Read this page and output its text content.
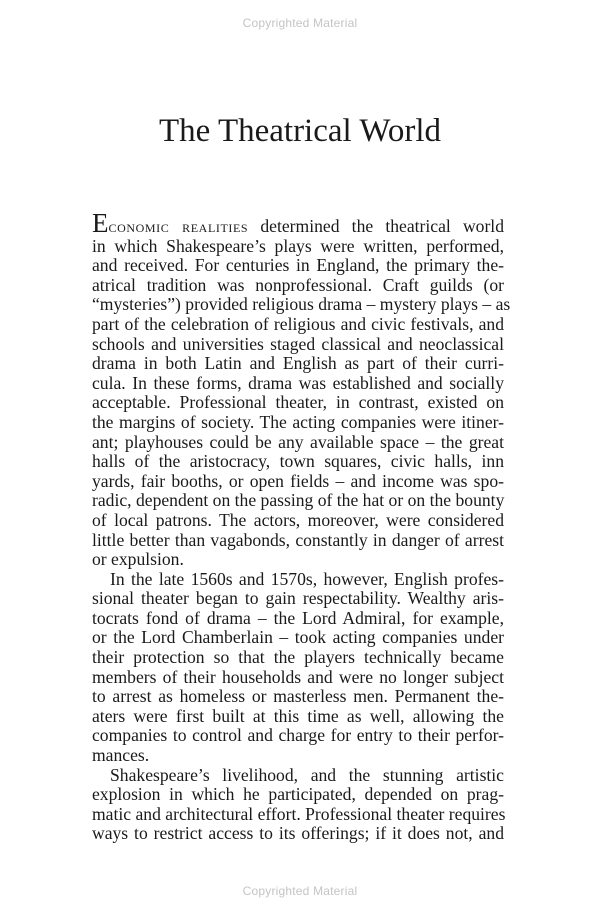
Copyrighted Material
The Theatrical World
Economic realities determined the theatrical world
in which Shakespeare’s plays were written, performed,
and received. For centuries in England, the primary the-
atrical tradition was nonprofessional. Craft guilds (or
“mysteries”) provided religious drama – mystery plays – as
part of the celebration of religious and civic festivals, and
schools and universities staged classical and neoclassical
drama in both Latin and English as part of their curri-
cula. In these forms, drama was established and socially
acceptable. Professional theater, in contrast, existed on
the margins of society. The acting companies were itiner-
ant; playhouses could be any available space – the great
halls of the aristocracy, town squares, civic halls, inn
yards, fair booths, or open fields – and income was spo-
radic, dependent on the passing of the hat or on the bounty
of local patrons. The actors, moreover, were considered
little better than vagabonds, constantly in danger of arrest
or expulsion.
In the late 1560s and 1570s, however, English profes-
sional theater began to gain respectability. Wealthy aris-
tocrats fond of drama – the Lord Admiral, for example,
or the Lord Chamberlain – took acting companies under
their protection so that the players technically became
members of their households and were no longer subject
to arrest as homeless or masterless men. Permanent the-
aters were first built at this time as well, allowing the
companies to control and charge for entry to their perfor-
mances.
Shakespeare’s livelihood, and the stunning artistic
explosion in which he participated, depended on prag-
matic and architectural effort. Professional theater requires
ways to restrict access to its offerings; if it does not, and
Copyrighted Material
